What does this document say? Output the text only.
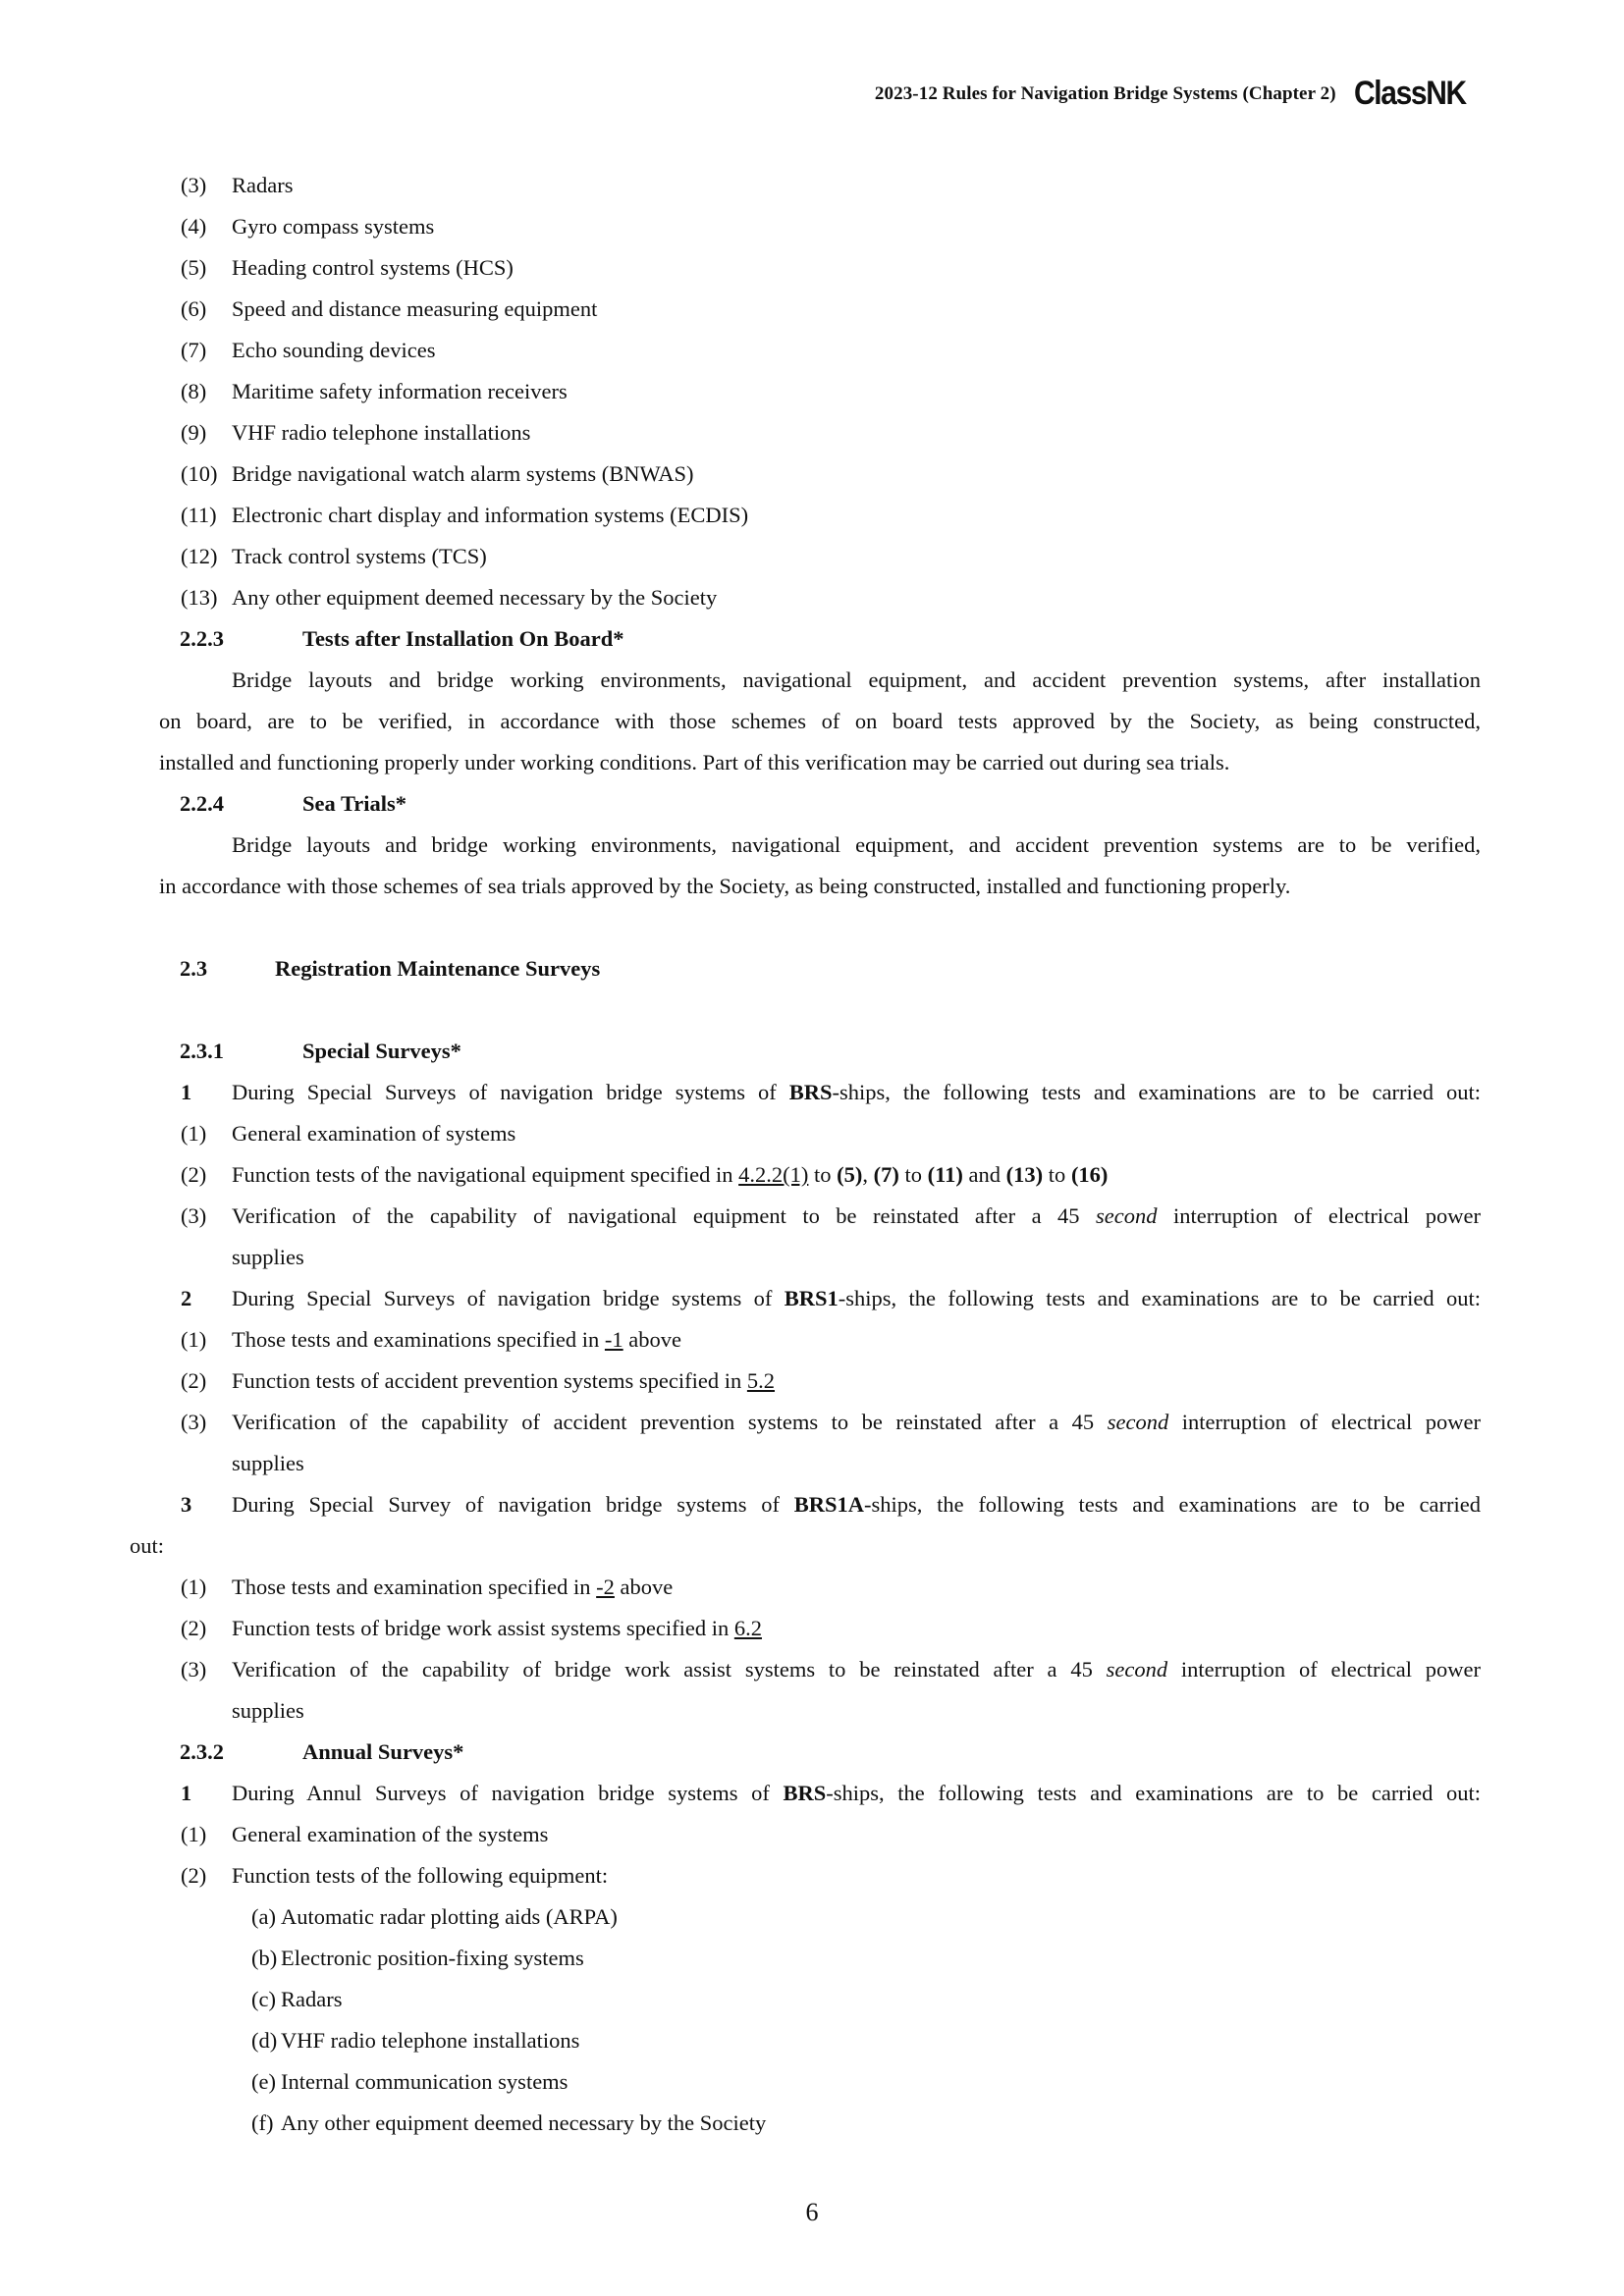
2023-12 Rules for Navigation Bridge Systems (Chapter 2) ClassNK
(3) Radars
(4) Gyro compass systems
(5) Heading control systems (HCS)
(6) Speed and distance measuring equipment
(7) Echo sounding devices
(8) Maritime safety information receivers
(9) VHF radio telephone installations
(10) Bridge navigational watch alarm systems (BNWAS)
(11) Electronic chart display and information systems (ECDIS)
(12) Track control systems (TCS)
(13) Any other equipment deemed necessary by the Society
2.2.3	Tests after Installation On Board*
Bridge layouts and bridge working environments, navigational equipment, and accident prevention systems, after installation
on board, are to be verified, in accordance with those schemes of on board tests approved by the Society, as being constructed,
installed and functioning properly under working conditions. Part of this verification may be carried out during sea trials.
2.2.4	Sea Trials*
Bridge layouts and bridge working environments, navigational equipment, and accident prevention systems are to be verified,
in accordance with those schemes of sea trials approved by the Society, as being constructed, installed and functioning properly.
2.3	Registration Maintenance Surveys
2.3.1	Special Surveys*
1 During Special Surveys of navigation bridge systems of BRS-ships, the following tests and examinations are to be carried out:
(1) General examination of systems
(2) Function tests of the navigational equipment specified in 4.2.2(1) to (5), (7) to (11) and (13) to (16)
(3) Verification of the capability of navigational equipment to be reinstated after a 45 second interruption of electrical power
supplies
2 During Special Surveys of navigation bridge systems of BRS1-ships, the following tests and examinations are to be carried out:
(1) Those tests and examinations specified in -1 above
(2) Function tests of accident prevention systems specified in 5.2
(3) Verification of the capability of accident prevention systems to be reinstated after a 45 second interruption of electrical power
supplies
3 During Special Survey of navigation bridge systems of BRS1A-ships, the following tests and examinations are to be carried
out:
(1) Those tests and examination specified in -2 above
(2) Function tests of bridge work assist systems specified in 6.2
(3) Verification of the capability of bridge work assist systems to be reinstated after a 45 second interruption of electrical power
supplies
2.3.2	Annual Surveys*
1 During Annul Surveys of navigation bridge systems of BRS-ships, the following tests and examinations are to be carried out:
(1) General examination of the systems
(2) Function tests of the following equipment:
(a) Automatic radar plotting aids (ARPA)
(b) Electronic position-fixing systems
(c) Radars
(d) VHF radio telephone installations
(e) Internal communication systems
(f) Any other equipment deemed necessary by the Society
6
